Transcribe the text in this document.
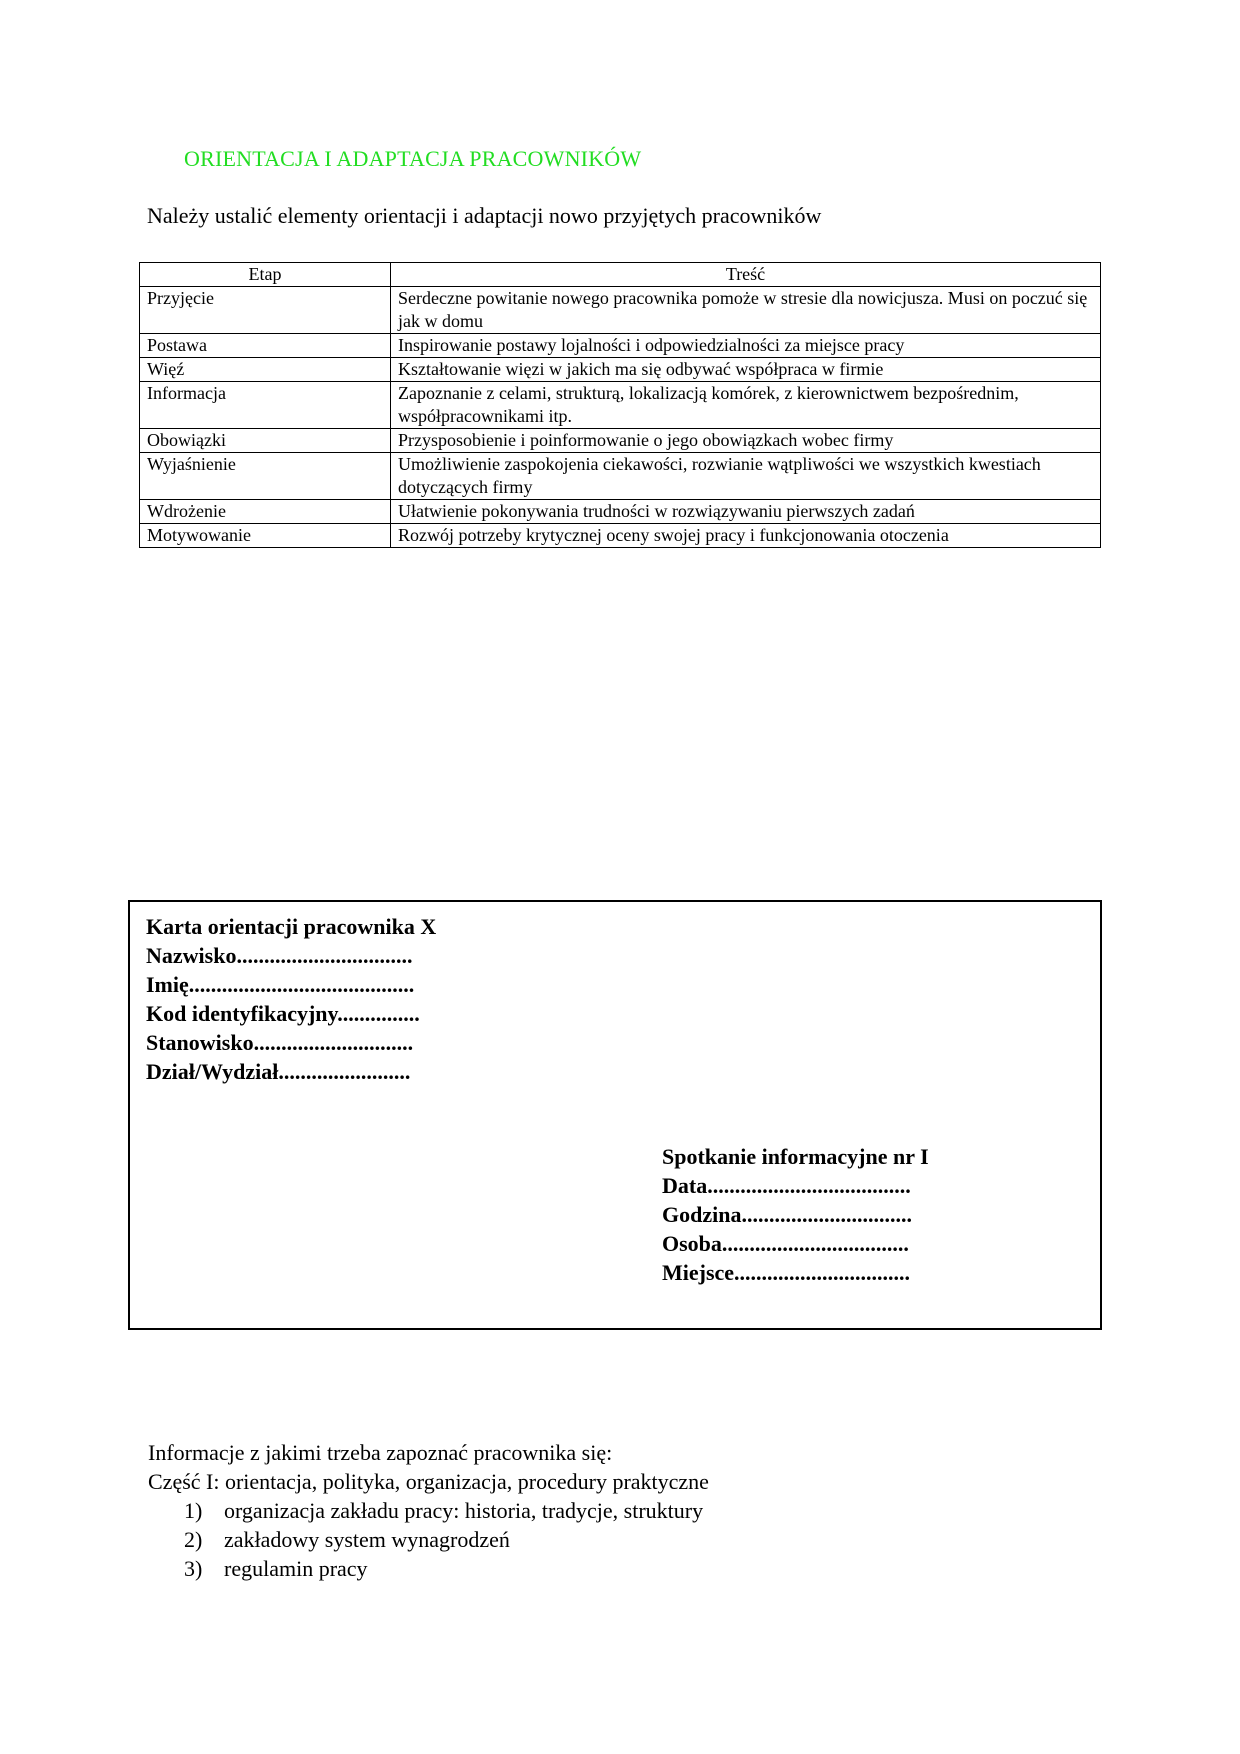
ORIENTACJA I ADAPTACJA PRACOWNIKÓW
Należy ustalić elementy orientacji i adaptacji nowo przyjętych pracowników
Etap	Treść
Przyjęcie	Serdeczne powitanie nowego pracownika pomoże w stresie dla nowicjusza. Musi on poczuć się jak w domu
Postawa	Inspirowanie postawy lojalności i odpowiedzialności za miejsce pracy
Więź	Kształtowanie więzi w jakich ma się odbywać współpraca w firmie
Informacja	Zapoznanie z celami, strukturą, lokalizacją komórek, z kierownictwem bezpośrednim, współpracownikami itp.
Obowiązki	Przysposobienie i poinformowanie o jego obowiązkach wobec firmy
Wyjaśnienie	Umożliwienie zaspokojenia ciekawości, rozwianie wątpliwości we wszystkich kwestiach dotyczących firmy
Wdrożenie	Ułatwienie pokonywania trudności w rozwiązywaniu pierwszych zadań
Motywowanie	Rozwój potrzeby krytycznej oceny swojej pracy i funkcjonowania otoczenia
Karta orientacji pracownika X
Nazwisko................................
Imię.........................................
Kod identyfikacyjny...............
Stanowisko.............................
Dział/Wydział........................
Spotkanie informacyjne nr I
Data.....................................
Godzina...............................
Osoba..................................
Miejsce................................
Informacje z jakimi trzeba zapoznać pracownika się:
Część I: orientacja, polityka, organizacja, procedury praktyczne
1) organizacja zakładu pracy: historia, tradycje, struktury
2) zakładowy system wynagrodzeń
3) regulamin pracy
